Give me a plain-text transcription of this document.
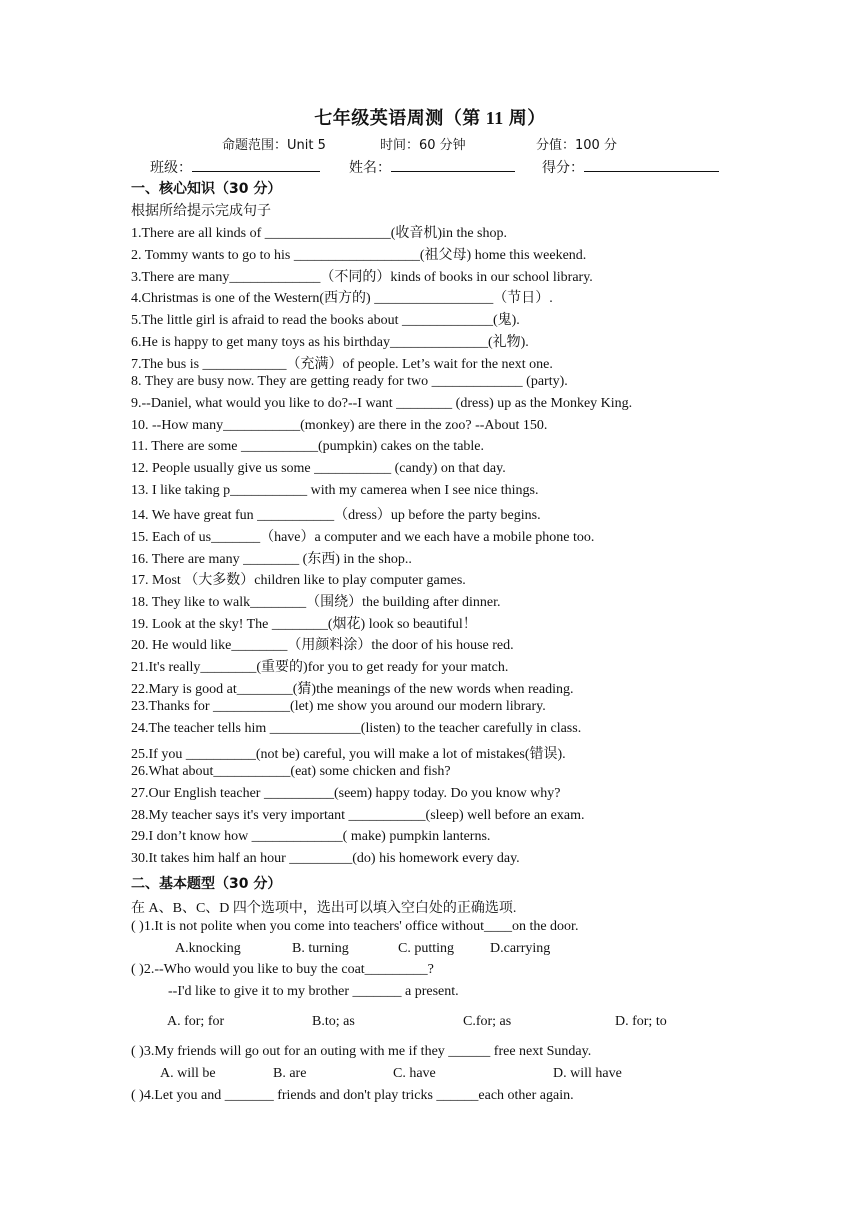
七年级英语周测（第 11 周）
命题范围：Unit 5	时间：60 分钟	分值：100 分
班级：	姓名：	得分：
一、核心知识（30 分）
根据所给提示完成句子
1.There are all kinds of __________________(收音机)in the shop.
2. Tommy wants to go to his __________________(祖父母) home this weekend.
3.There are many_____________（不同的）kinds of books in our school library.
4.Christmas is one of the Western(西方的) _________________（节日）.
5.The little girl is afraid to read the books about _____________(鬼).
6.He is happy to get many toys as his birthday______________(礼物).
7.The bus is ____________（充满）of people. Let’s wait for the next one.
8. They are busy now. They are getting ready for two _____________ (party).
9.--Daniel, what would you like to do?--I want ________ (dress) up as the Monkey King.
10. --How many___________(monkey) are there in the zoo? --About 150.
11. There are some ___________(pumpkin) cakes on the table.
12. People usually give us some ___________ (candy) on that day.
13. I like taking p___________ with my camerea when I see nice things.
14. We have great fun ___________（dress）up before the party begins.
15. Each of us_______（have）a computer and we each have a mobile phone too.
16. There are many ________ (东西) in the shop..
17. Most （大多数）children like to play computer games.
18. They like to walk________（围绕）the building after dinner.
19. Look at the sky! The ________(烟花) look so beautiful！
20. He would like________（用颜料涂）the door of his house red.
21.It's really________(重要的)for you to get ready for your match.
22.Mary is good at________(猜)the meanings of the new words when reading.
23.Thanks for ___________(let) me show you around our modern library.
24.The teacher tells him _____________(listen) to the teacher carefully in class.
25.If you __________(not be) careful, you will make a lot of mistakes(错误).
26.What about___________(eat) some chicken and fish?
27.Our English teacher __________(seem) happy today. Do you know why?
28.My teacher says it's very important ___________(sleep) well before an exam.
29.I don’t know how _____________( make) pumpkin lanterns.
30.It takes him half an hour _________(do) his homework every day.
二、基本题型（30 分）
在 A、B、C、D 四个选项中，选出可以填入空白处的正确选项.
( )1.It is not polite when you come into teachers' office without____on the door.
A.knocking	B. turning	C. putting	D.carrying
( )2.--Who would you like to buy the coat_________?
--I'd like to give it to my brother _______ a present.
A. for; for	B.to; as	C.for; as	D. for; to
( )3.My friends will go out for an outing with me if they ______ free next Sunday.
A. will be	B. are	C. have	D. will have
( )4.Let you and _______ friends and don't play tricks ______each other again.
